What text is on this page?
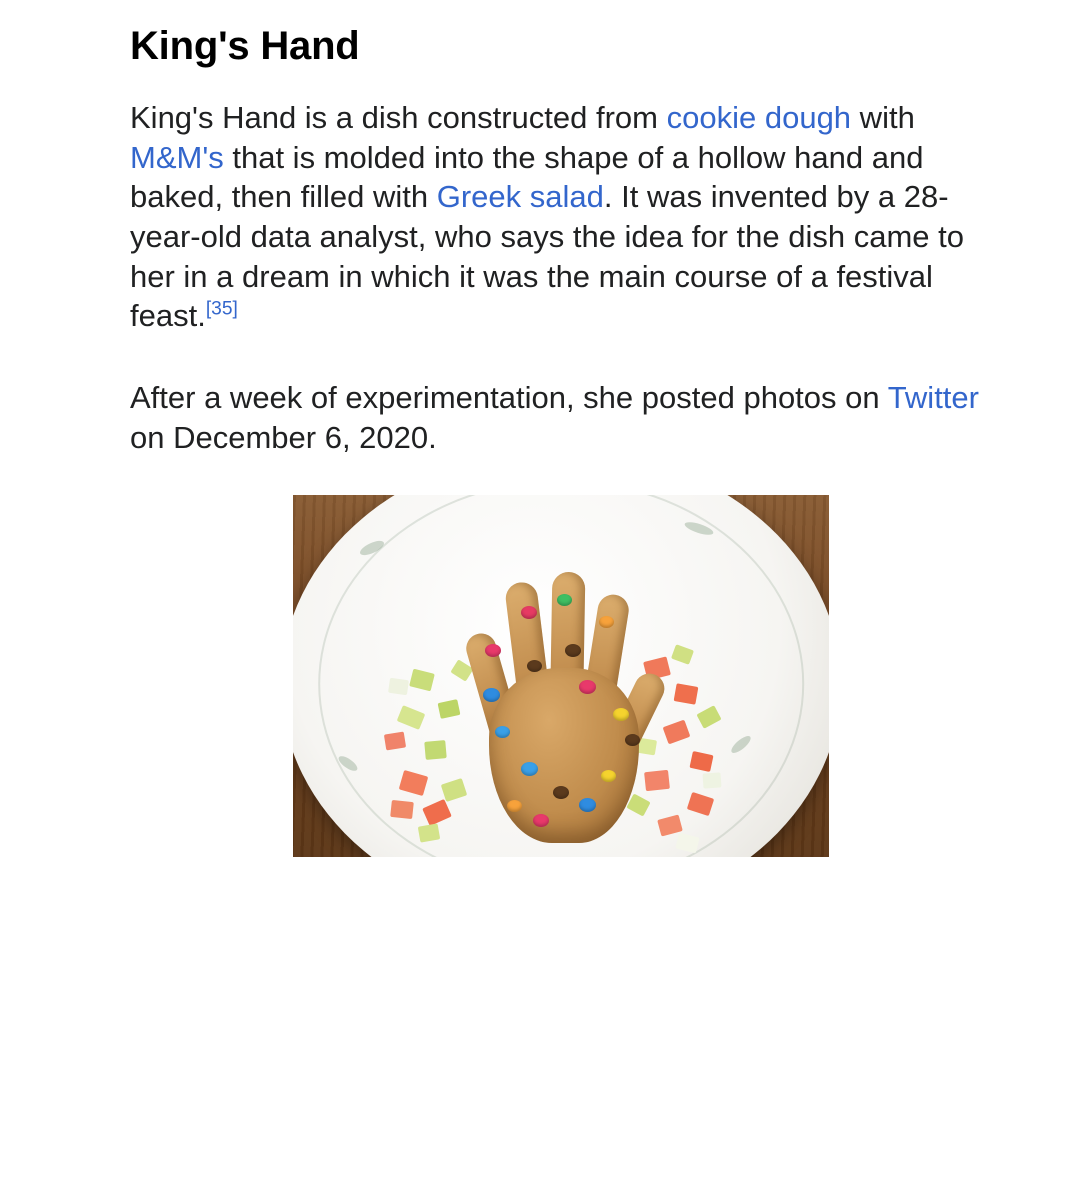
King's Hand

King's Hand is a dish constructed from cookie dough with M&M's that is molded into the shape of a hollow hand and baked, then filled with Greek salad. It was invented by a 28-year-old data analyst, who says the idea for the dish came to her in a dream in which it was the main course of a festival feast.[35]

After a week of experimentation, she posted photos on Twitter on December 6, 2020.
